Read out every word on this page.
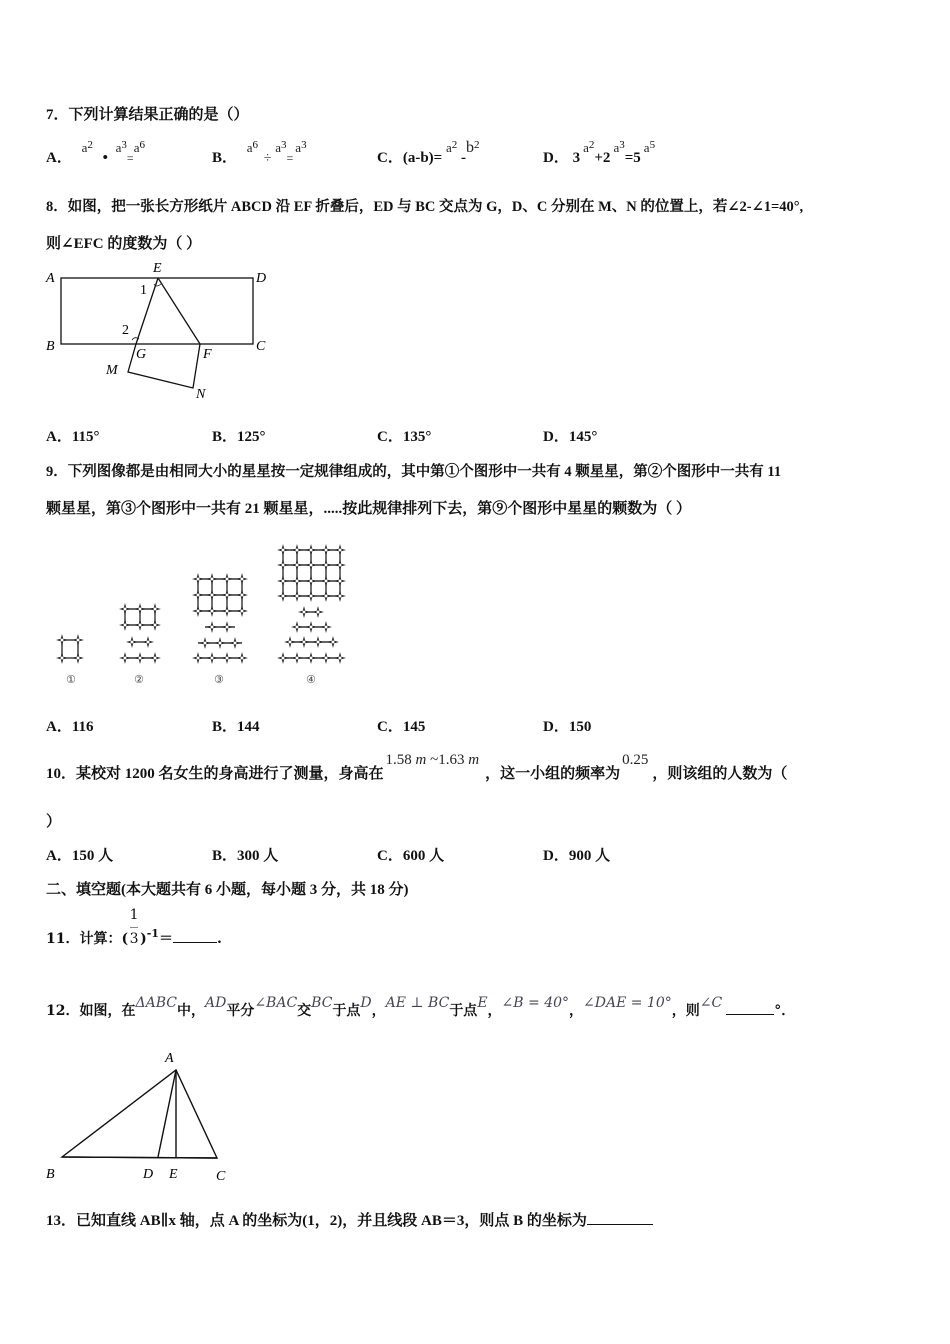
7．下列计算结果正确的是（）
A． $a^2$ • $a^3=a^6$
B． $a^6 \div a^3=a^3$
C．$(a-b)= a^2$ $-b^2$
D． $3a^2+2a^3=5a^5$
8．如图，把一张长方形纸片 ABCD 沿 EF 折叠后，ED 与 BC 交点为 G，D、C 分别在 M、N 的位置上，若∠2-∠1=40°,
则∠EFC 的度数为（ ）
A
E
D
B	C
G	F
M
N
1
2
A．115°	B．125°	C．135°	D．145°
9．下列图像都是由相同大小的星星按一定规律组成的，其中第①个图形中一共有 4 颗星星，第②个图形中一共有 11
颗星星，第③个图形中一共有 21 颗星星，.....按此规律排列下去，第⑨个图形中星星的颗数为（ ）
①	②	③	④
A．116	B．144	C．145	D．150
10．某校对 1200 名女生的身高进行了测量，身高在1.58 m ~1.63 m，这一小组的频率为0.25，则该组的人数为（
）
A．150 人	B．300 人	C．600 人	D．900 人
二、填空题(本大题共有 6 小题，每小题 3 分，共 18 分)
11．计算：( $\frac{1}{3})^{-1}=$	.
12．如图，在ΔABC中，AD平分∠BAC交BC于点D，AE ⊥ BC于点E，∠B = 40°，∠DAE = 10°，则∠C	°．
A
B	D E	C
13．已知直线 AB∥x 轴，点 A 的坐标为(1，2)，并且线段 AB＝3，则点 B 的坐标为
